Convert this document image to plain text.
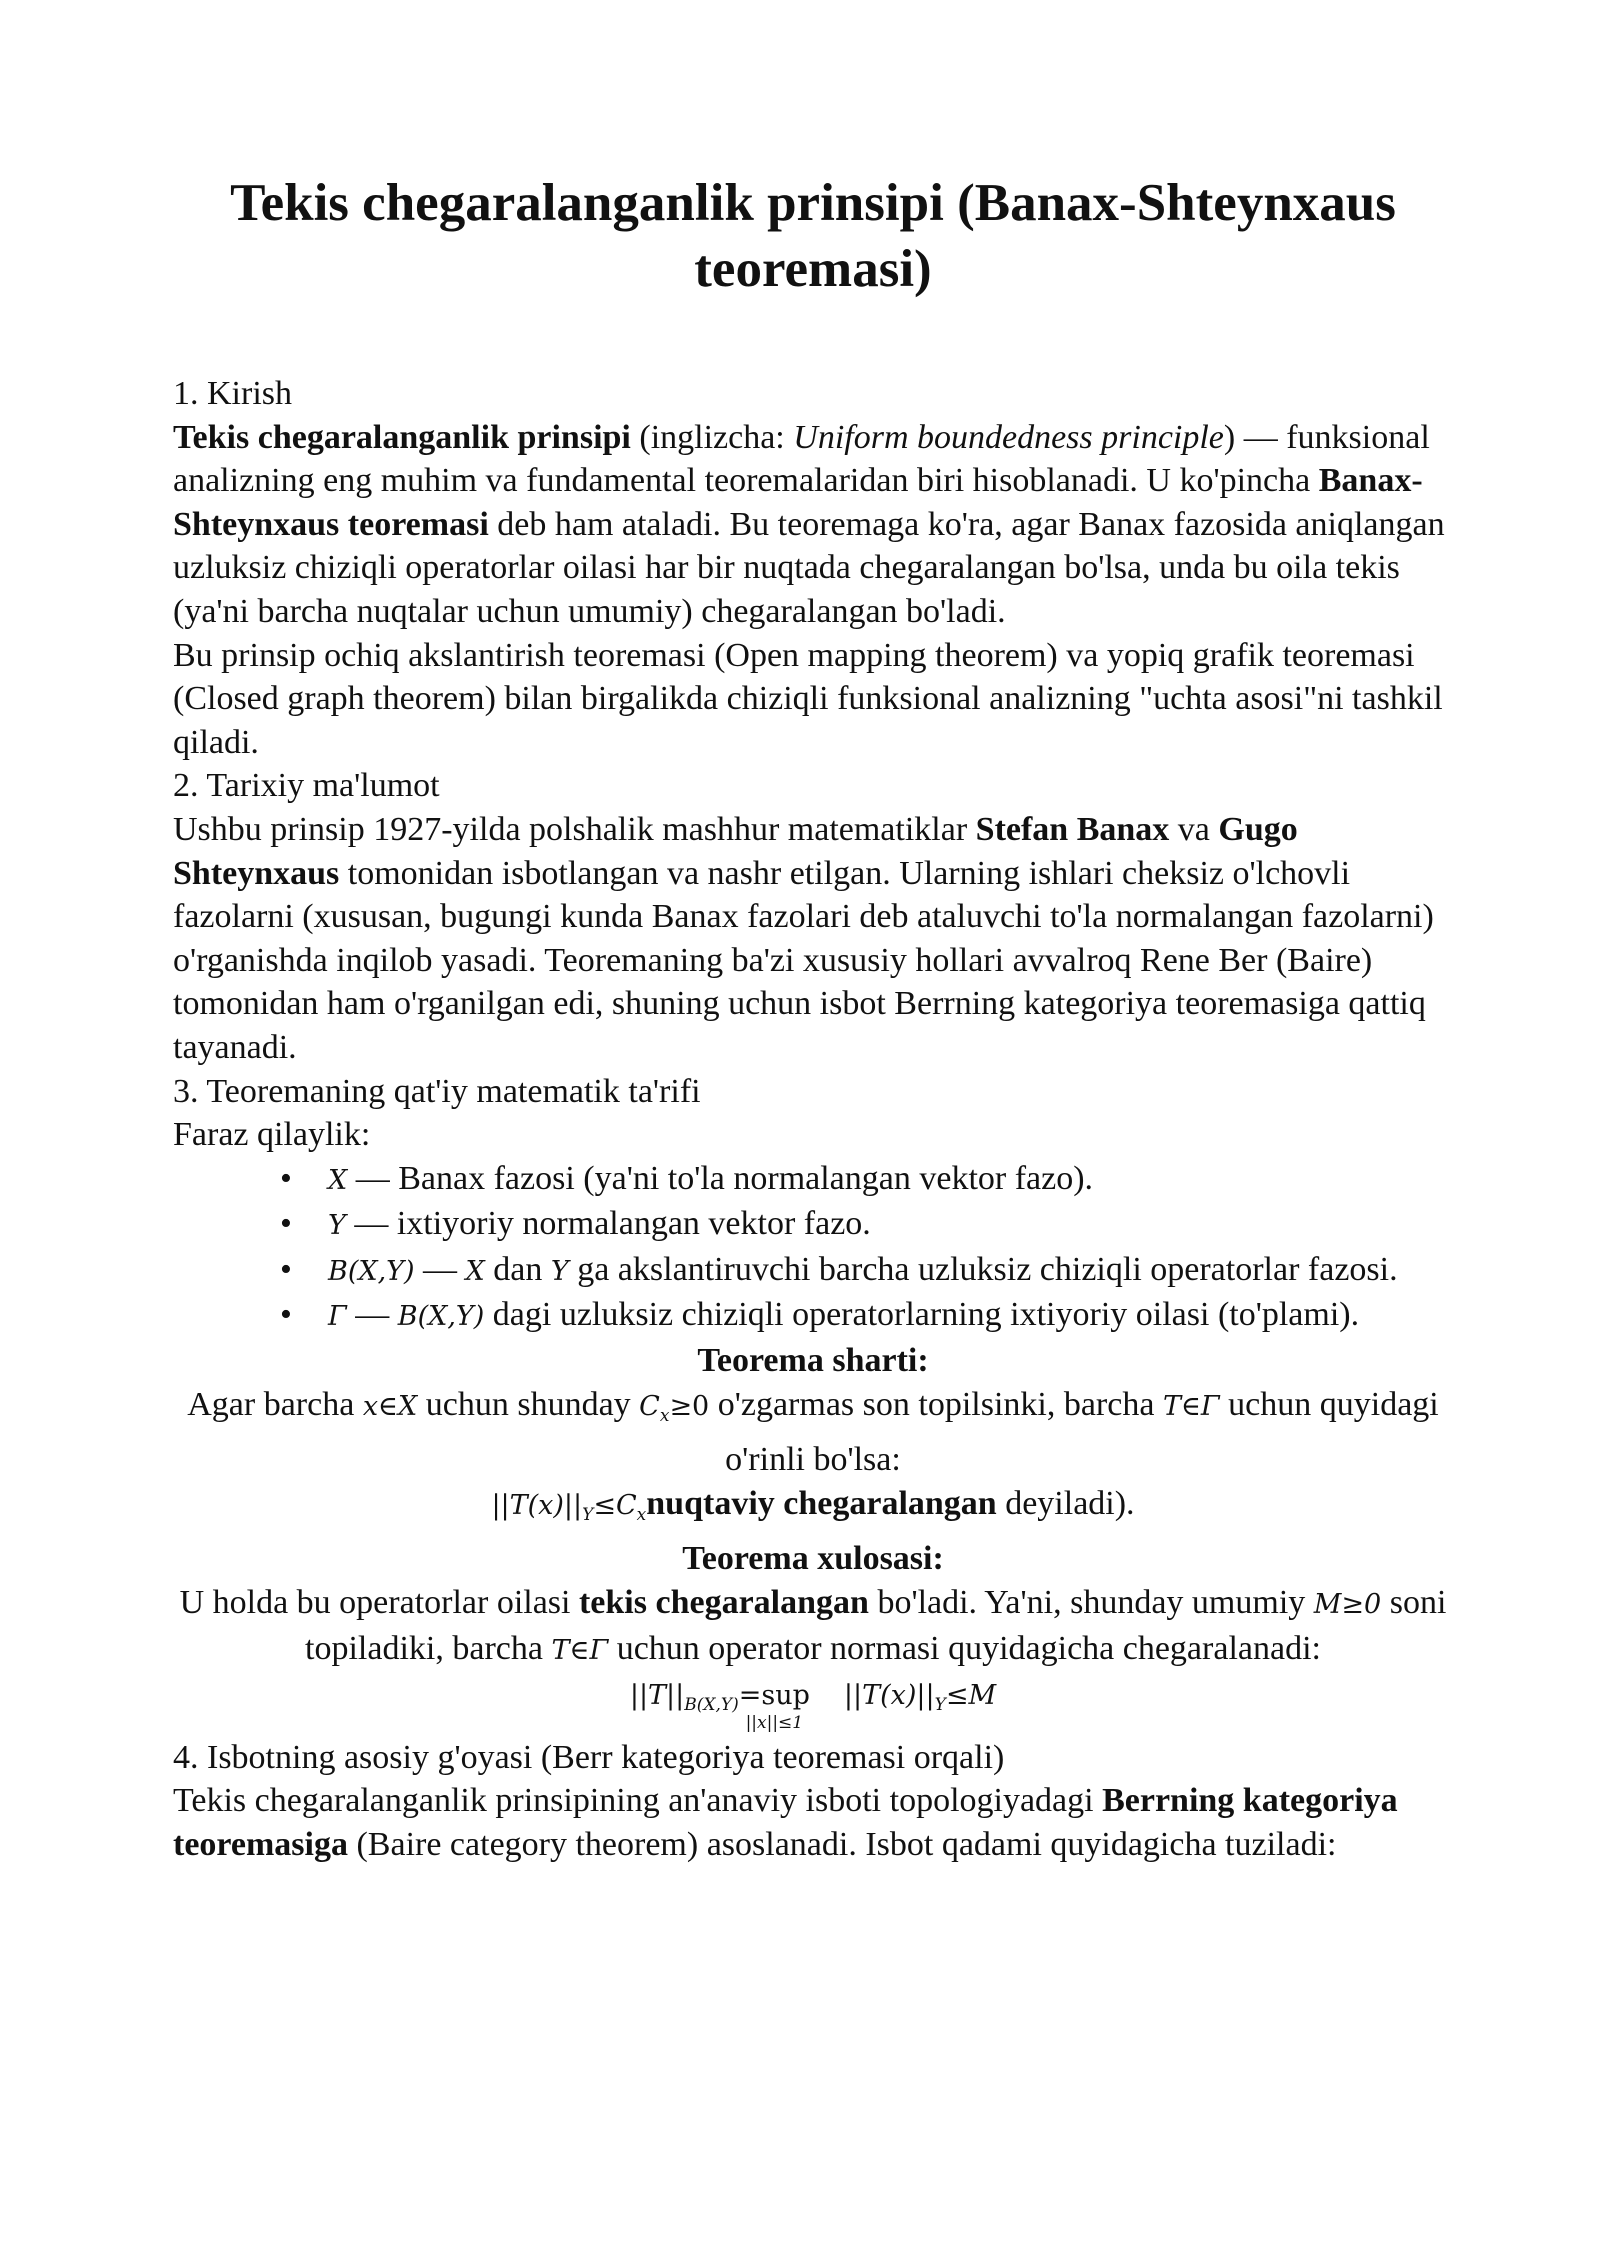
Tekis chegaralanganlik prinsipi (Banax-Shteynxaus teoremasi)

1. Kirish

Tekis chegaralanganlik prinsipi (inglizcha: Uniform boundedness principle) — funksional analizning eng muhim va fundamental teoremalaridan biri hisoblanadi. U ko'pincha Banax-Shteynxaus teoremasi deb ham ataladi. Bu teoremaga ko'ra, agar Banax fazosida aniqlangan uzluksiz chiziqli operatorlar oilasi har bir nuqtada chegaralangan bo'lsa, unda bu oila tekis (ya'ni barcha nuqtalar uchun umumiy) chegaralangan bo'ladi.

Bu prinsip ochiq akslantirish teoremasi (Open mapping theorem) va yopiq grafik teoremasi (Closed graph theorem) bilan birgalikda chiziqli funksional analizning "uchta asosi"ni tashkil qiladi.

2. Tarixiy ma'lumot

Ushbu prinsip 1927-yilda polshalik mashhur matematiklar Stefan Banax va Gugo Shteynxaus tomonidan isbotlangan va nashr etilgan. Ularning ishlari cheksiz o'lchovli fazolarni (xususan, bugungi kunda Banax fazolari deb ataluvchi to'la normalangan fazolarni) o'rganishda inqilob yasadi. Teoremaning ba'zi xususiy hollari avvalroq Rene Ber (Baire) tomonidan ham o'rganilgan edi, shuning uchun isbot Berrning kategoriya teoremasiga qattiq tayanadi.

3. Teoremaning qat'iy matematik ta'rifi

Faraz qilaylik:

• X — Banax fazosi (ya'ni to'la normalangan vektor fazo).
• Y — ixtiyoriy normalangan vektor fazo.
• B(X,Y) — X dan Y ga akslantiruvchi barcha uzluksiz chiziqli operatorlar fazosi.
• Γ — B(X,Y) dagi uzluksiz chiziqli operatorlarning ixtiyoriy oilasi (to'plami).

Teorema sharti:

Agar barcha x∈X uchun shunday $C_x\ge 0$ o'zgarmas son topilsinki, barcha T∈Γ uchun quyidagi o'rinli bo'lsa:

$||T(x)||_Y\le C_xnuqtaviy$ chegaralangan deyiladi).

Teorema xulosasi:

U holda bu operatorlar oilasi tekis chegaralangan bo'ladi. Ya'ni, shunday umumiy M≥0 soni topiladiki, barcha T∈Γ uchun operator normasi quyidagicha chegaralanadi:

$||T||_{B(X,Y)}=sup$
||x||≤1
$||T(x)||_Y\le M$

4. Isbotning asosiy g'oyasi (Berr kategoriya teoremasi orqali)

Tekis chegaralanganlik prinsipining an'anaviy isboti topologiyadagi Berrning kategoriya teoremasiga (Baire category theorem) asoslanadi. Isbot qadami quyidagicha tuziladi:
